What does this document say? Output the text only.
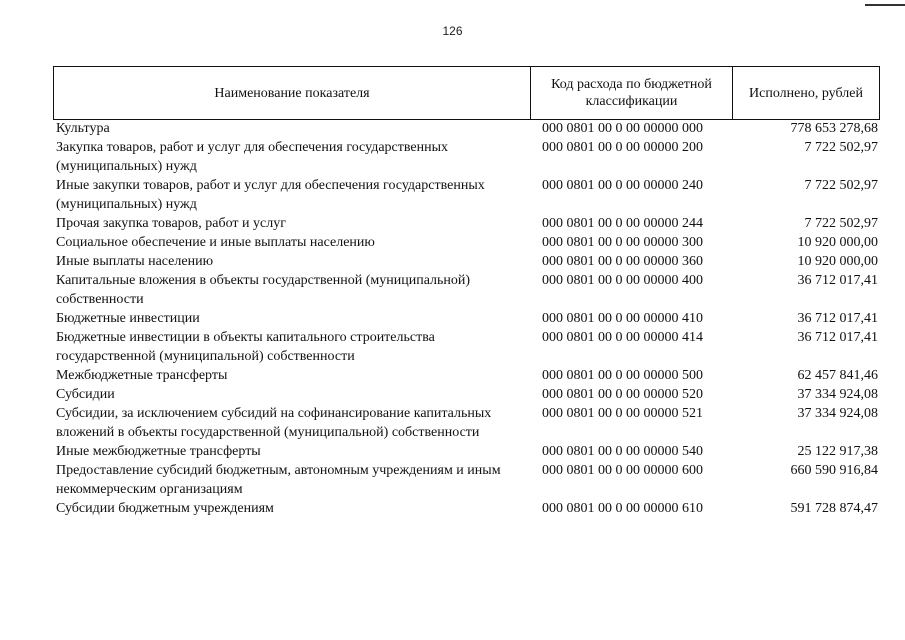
126
Наименование показателя
Код расхода по бюджетной классификации
Исполнено, рублей
Культура	000 0801 00 0 00 00000 000	778 653 278,68
Закупка товаров, работ и услуг для обеспечения государственных (муниципальных) нужд
000 0801 00 0 00 00000 200	7 722 502,97
Иные закупки товаров, работ и услуг для обеспечения государственных (муниципальных) нужд
000 0801 00 0 00 00000 240	7 722 502,97
Прочая закупка товаров, работ и услуг	000 0801 00 0 00 00000 244	7 722 502,97
Социальное обеспечение и иные выплаты населению	000 0801 00 0 00 00000 300	10 920 000,00
Иные выплаты населению	000 0801 00 0 00 00000 360	10 920 000,00
Капитальные вложения в объекты государственной (муниципальной) собственности
000 0801 00 0 00 00000 400	36 712 017,41
Бюджетные инвестиции	000 0801 00 0 00 00000 410	36 712 017,41
Бюджетные инвестиции в объекты капитального строительства государственной (муниципальной) собственности
000 0801 00 0 00 00000 414	36 712 017,41
Межбюджетные трансферты	000 0801 00 0 00 00000 500	62 457 841,46
Субсидии	000 0801 00 0 00 00000 520	37 334 924,08
Субсидии, за исключением субсидий на софинансирование капитальных вложений в объекты государственной (муниципальной) собственности
000 0801 00 0 00 00000 521	37 334 924,08
Иные межбюджетные трансферты	000 0801 00 0 00 00000 540	25 122 917,38
Предоставление субсидий бюджетным, автономным учреждениям и иным некоммерческим организациям
000 0801 00 0 00 00000 600	660 590 916,84
Субсидии бюджетным учреждениям	000 0801 00 0 00 00000 610	591 728 874,47
